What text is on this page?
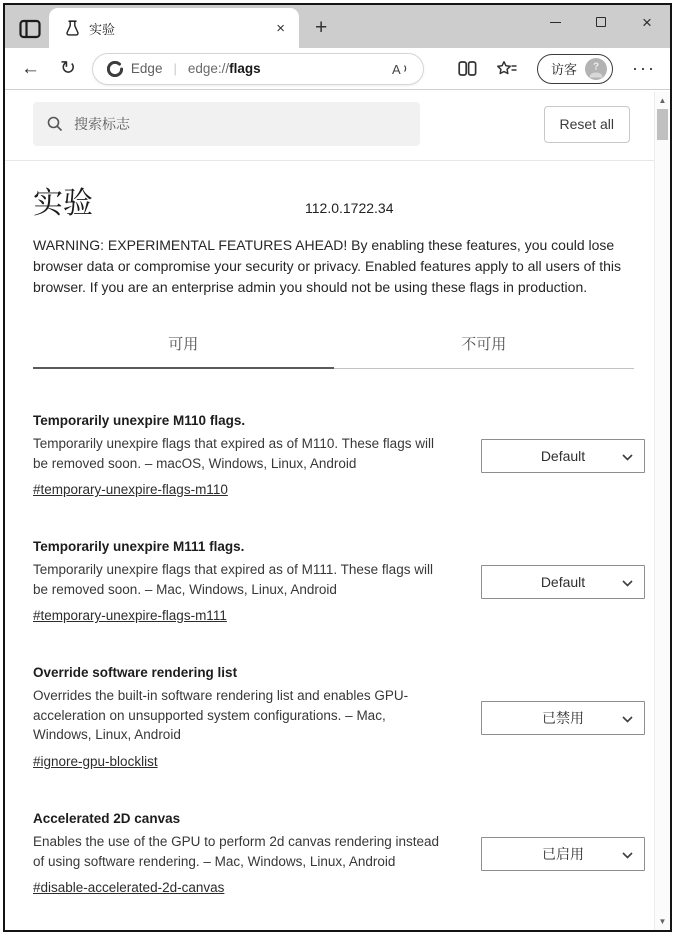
实验	× +	×
← ↻	Edge | edge://flags	A	访客 ? ···
搜索标志	Reset all
实验	112.0.1722.34

WARNING: EXPERIMENTAL FEATURES AHEAD! By enabling these features, you could lose browser data or compromise your security or privacy. Enabled features apply to all users of this browser. If you are an enterprise admin you should not be using these flags in production.

可用	不可用
Temporarily unexpire M110 flags.
Temporarily unexpire flags that expired as of M110. These flags will be removed soon. – macOS, Windows, Linux, Android
#temporary-unexpire-flags-m110
Default
Temporarily unexpire M111 flags.
Temporarily unexpire flags that expired as of M111. These flags will be removed soon. – Mac, Windows, Linux, Android
#temporary-unexpire-flags-m111
Default
Override software rendering list
Overrides the built-in software rendering list and enables GPU-acceleration on unsupported system configurations. – Mac, Windows, Linux, Android
#ignore-gpu-blocklist
已禁用
Accelerated 2D canvas
Enables the use of the GPU to perform 2d canvas rendering instead of using software rendering. – Mac, Windows, Linux, Android
#disable-accelerated-2d-canvas
已启用
▲
▼
